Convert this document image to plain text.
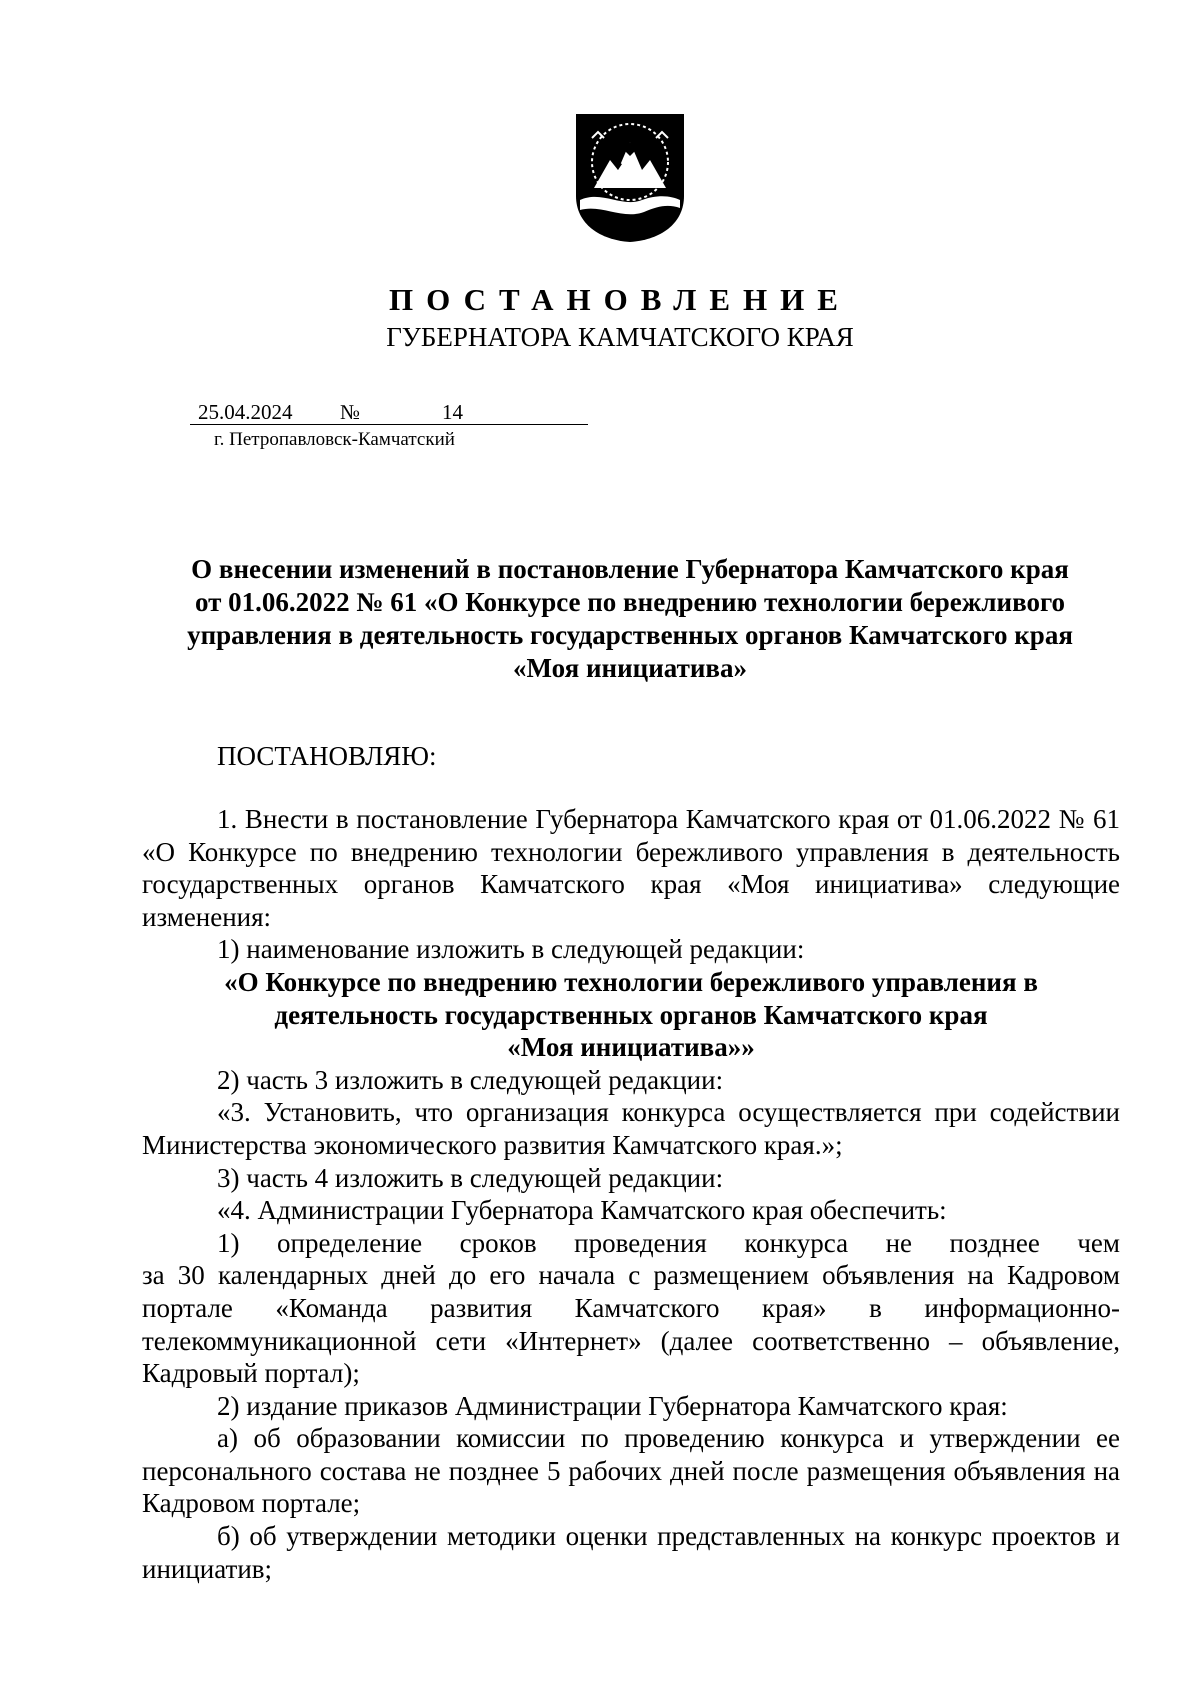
ПОСТАНОВЛЕНИЕ
ГУБЕРНАТОРА КАМЧАТСКОГО КРАЯ
25.04.2024 №	14
г. Петропавловск-Камчатский
О внесении изменений в постановление Губернатора Камчатского края
от 01.06.2022 № 61 «О Конкурсе по внедрению технологии бережливого
управления в деятельность государственных органов Камчатского края
«Моя инициатива»
ПОСТАНОВЛЯЮ:

1. Внести в постановление Губернатора Камчатского края от 01.06.2022 № 61 «О Конкурсе по внедрению технологии бережливого управления в деятельность государственных органов Камчатского края «Моя инициатива» следующие изменения:

1) наименование изложить в следующей редакции:

«О Конкурсе по внедрению технологии бережливого управления в
деятельность государственных органов Камчатского края
«Моя инициатива»»

2) часть 3 изложить в следующей редакции:

«3. Установить, что организация конкурса осуществляется при содействии Министерства экономического развития Камчатского края.»;

3) часть 4 изложить в следующей редакции:

«4. Администрации Губернатора Камчатского края обеспечить:

1) определение сроков проведения конкурса не позднее чем

за 30 календарных дней до его начала с размещением объявления на Кадровом портале «Команда развития Камчатского края» в информационно-телекоммуникационной сети «Интернет» (далее соответственно – объявление, Кадровый портал);

2) издание приказов Администрации Губернатора Камчатского края:

а) об образовании комиссии по проведению конкурса и утверждении ее персонального состава не позднее 5 рабочих дней после размещения объявления на Кадровом портале;

б) об утверждении методики оценки представленных на конкурс проектов и инициатив;
